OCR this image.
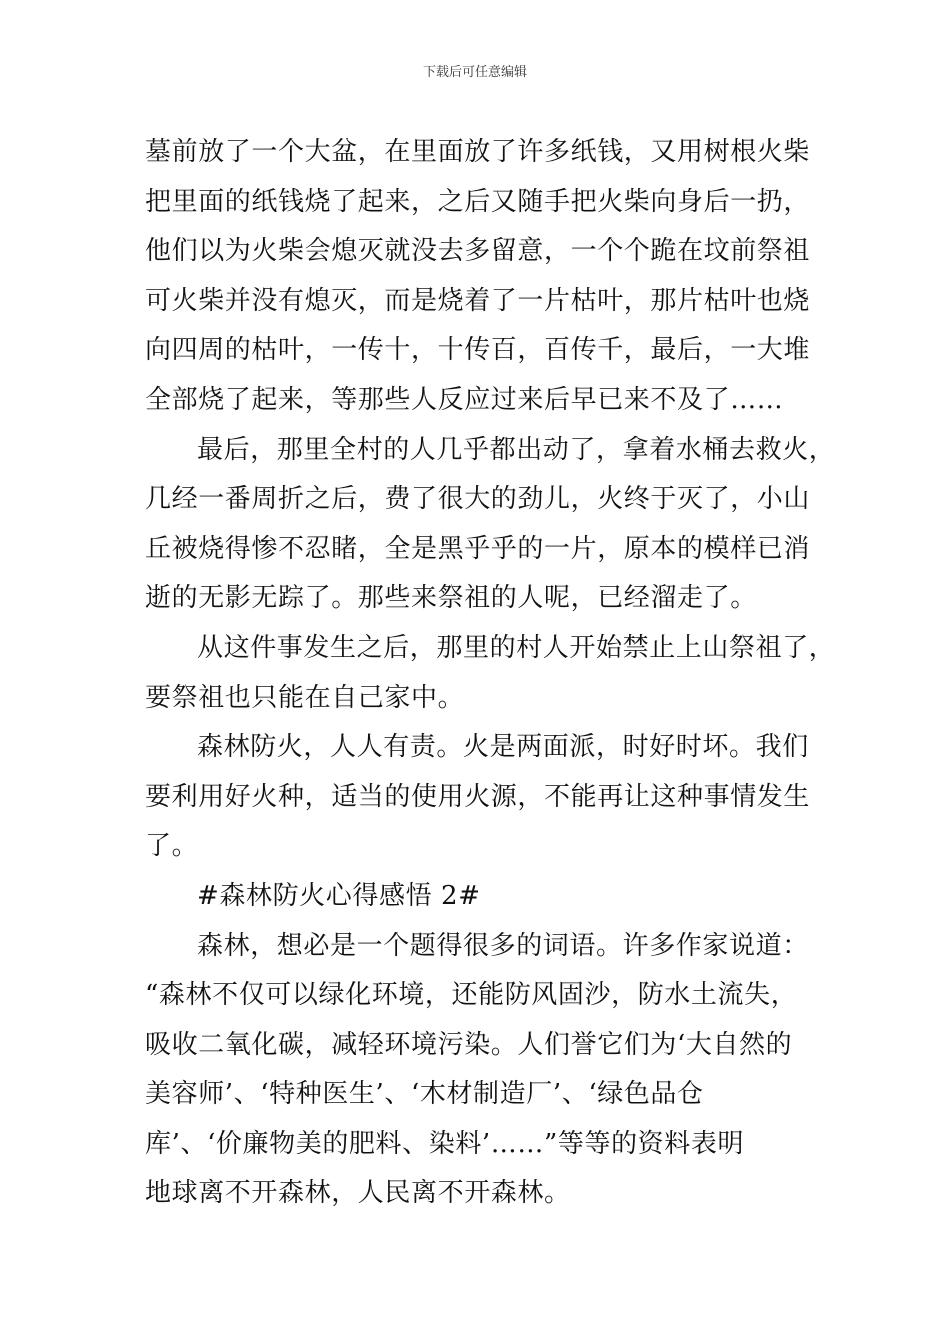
下载后可任意编辑
墓前放了一个大盆，在里面放了许多纸钱，又用树根火柴
把里面的纸钱烧了起来，之后又随手把火柴向身后一扔，
他们以为火柴会熄灭就没去多留意，一个个跪在坟前祭祖
可火柴并没有熄灭，而是烧着了一片枯叶，那片枯叶也烧
向四周的枯叶，一传十，十传百，百传千，最后，一大堆
全部烧了起来，等那些人反应过来后早已来不及了……
最后，那里全村的人几乎都出动了，拿着水桶去救火，
几经一番周折之后，费了很大的劲儿，火终于灭了，小山
丘被烧得惨不忍睹，全是黑乎乎的一片，原本的模样已消
逝的无影无踪了。那些来祭祖的人呢，已经溜走了。
从这件事发生之后，那里的村人开始禁止上山祭祖了，
要祭祖也只能在自己家中。
森林防火，人人有责。火是两面派，时好时坏。我们
要利用好火种，适当的使用火源，不能再让这种事情发生
了。
#森林防火心得感悟 2#
森林，想必是一个题得很多的词语。许多作家说道：
“森林不仅可以绿化环境，还能防风固沙，防水土流失，
吸收二氧化碳，减轻环境污染。人们誉它们为‘大自然的
美容师’、‘特种医生’、‘木材制造厂’、‘绿色品仓
库’、‘价廉物美的肥料、染料’……”等等的资料表明
地球离不开森林，人民离不开森林。
